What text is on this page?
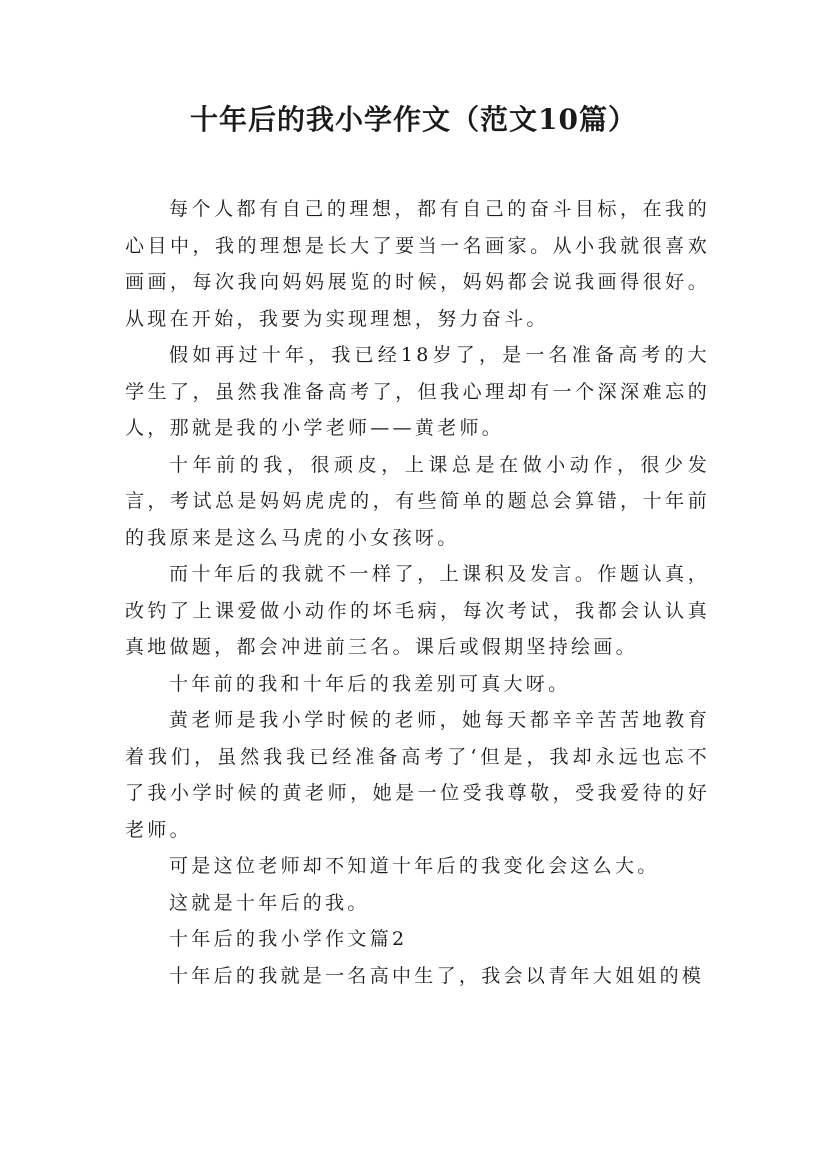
十年后的我小学作文（范文10篇）

每个人都有自己的理想，都有自己的奋斗目标，在我的心目中，我的理想是长大了要当一名画家。从小我就很喜欢画画，每次我向妈妈展览的时候，妈妈都会说我画得很好。从现在开始，我要为实现理想，努力奋斗。

假如再过十年，我已经18岁了，是一名准备高考的大学生了，虽然我准备高考了，但我心理却有一个深深难忘的人，那就是我的小学老师——黄老师。

十年前的我，很顽皮，上课总是在做小动作，很少发言，考试总是妈妈虎虎的，有些简单的题总会算错，十年前的我原来是这么马虎的小女孩呀。

而十年后的我就不一样了，上课积及发言。作题认真，改钓了上课爱做小动作的坏毛病，每次考试，我都会认认真真地做题，都会冲进前三名。课后或假期坚持绘画。

十年前的我和十年后的我差别可真大呀。

黄老师是我小学时候的老师，她每天都辛辛苦苦地教育着我们，虽然我我已经准备高考了‘但是，我却永远也忘不了我小学时候的黄老师，她是一位受我尊敬，受我爱待的好老师。

可是这位老师却不知道十年后的我变化会这么大。

这就是十年后的我。

十年后的我小学作文篇2

十年后的我就是一名高中生了，我会以青年大姐姐的模
